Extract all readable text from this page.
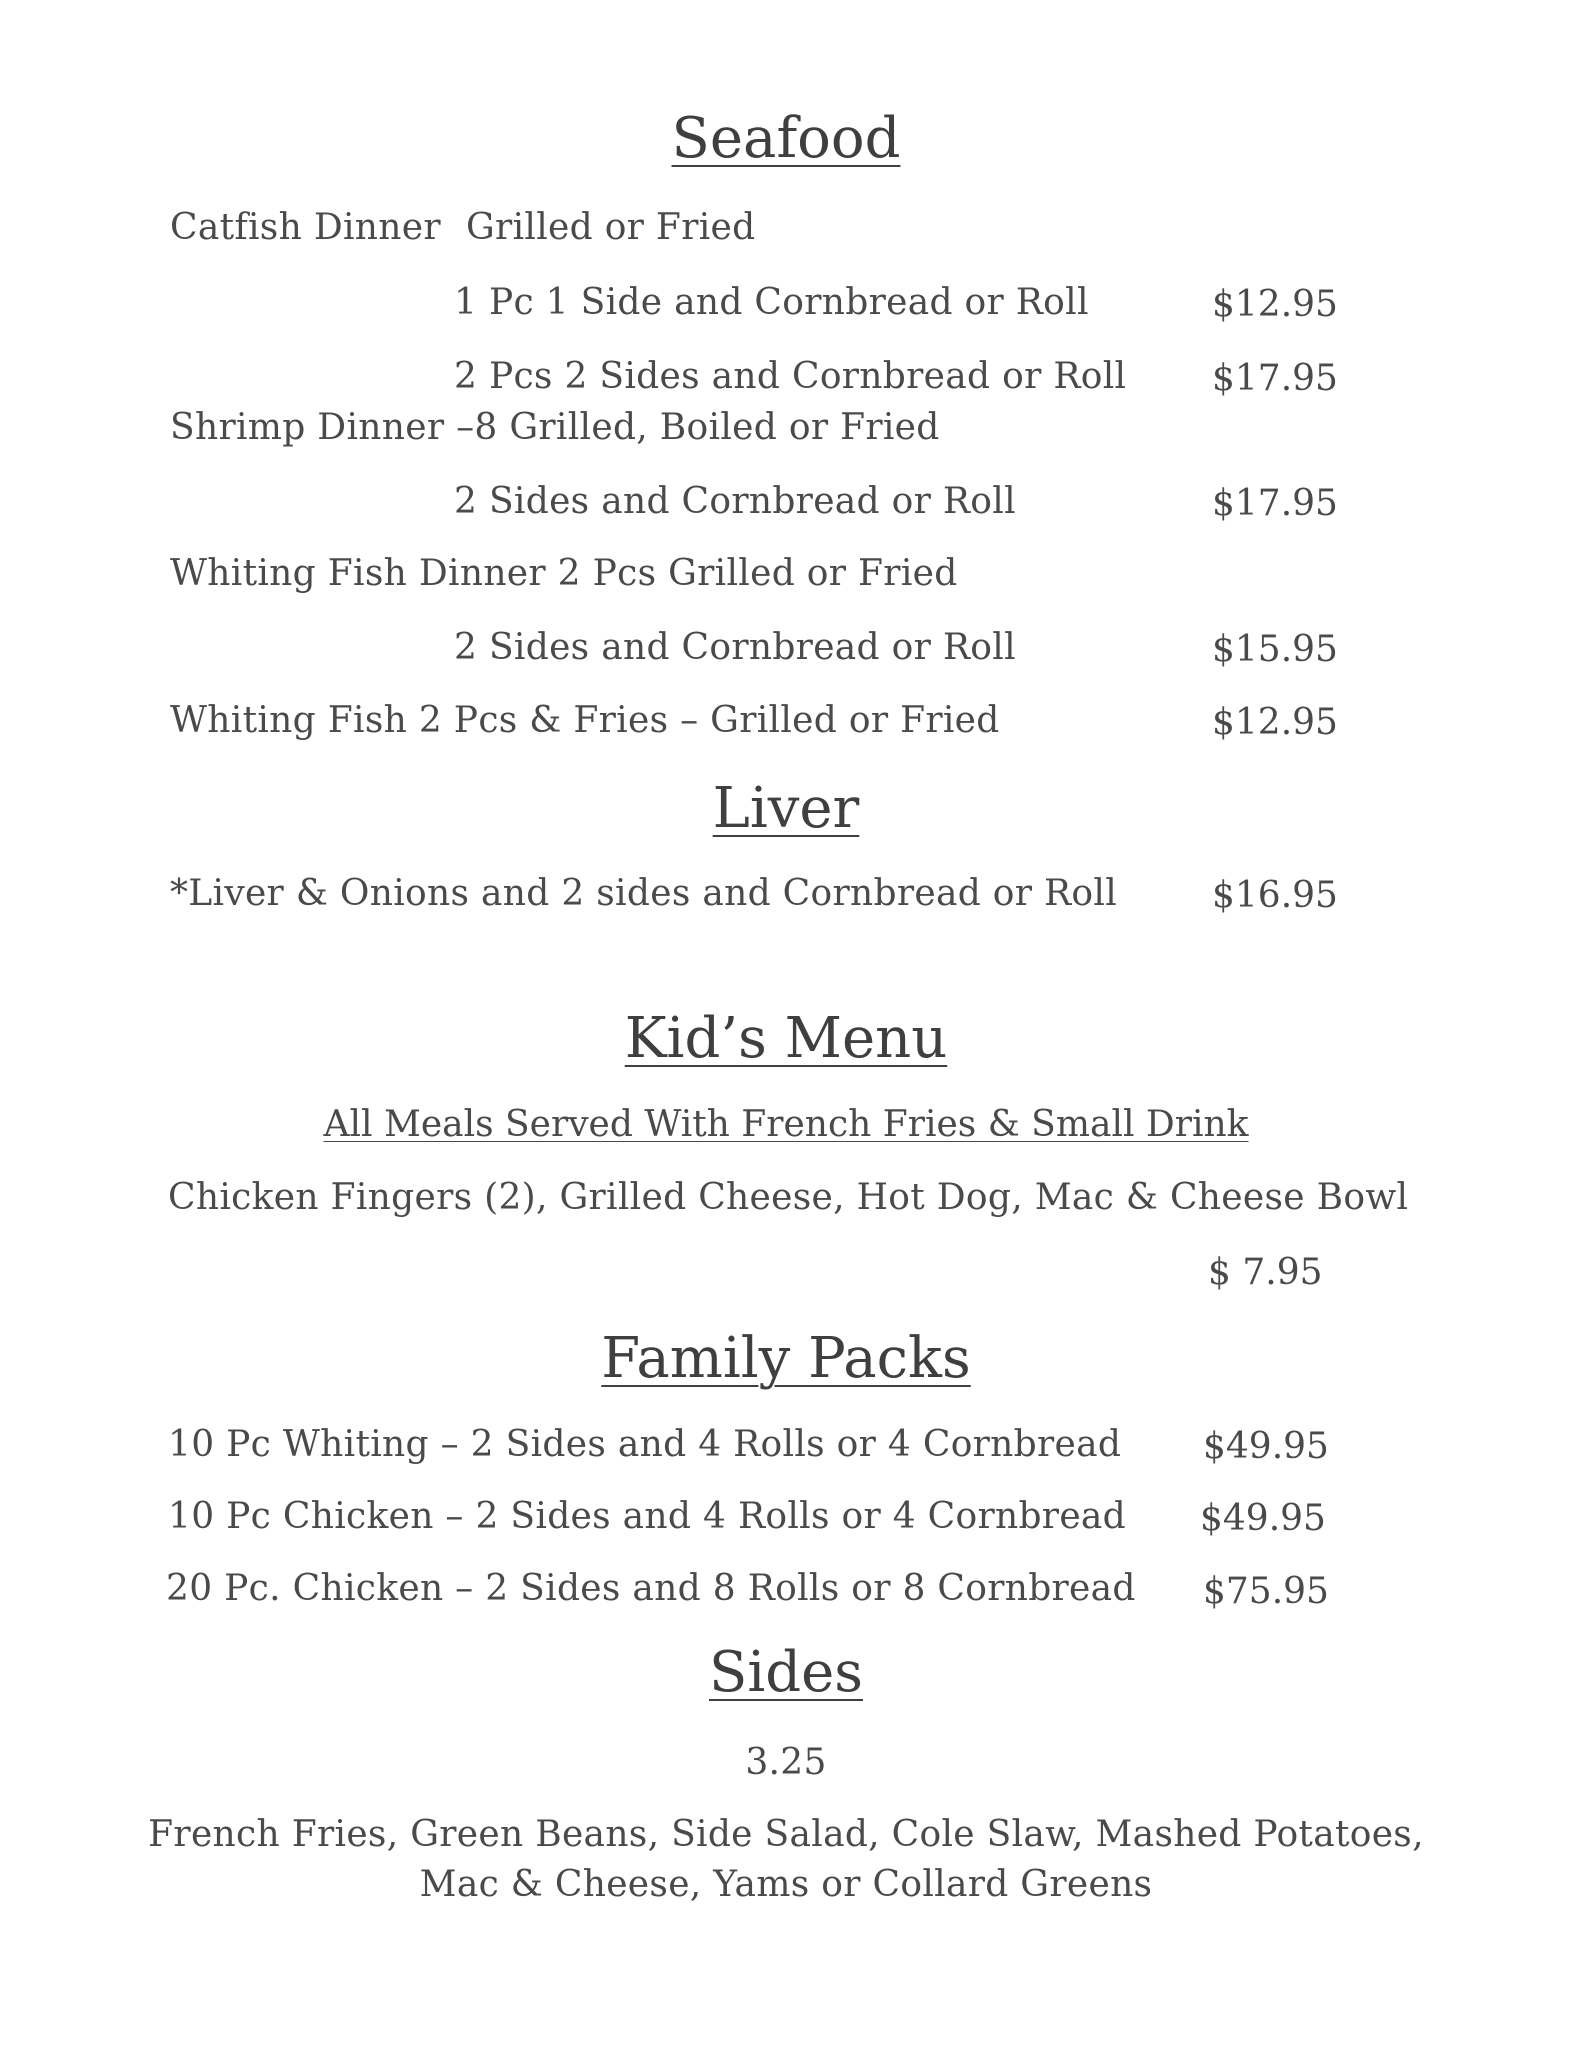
Seafood
Catfish Dinner Grilled or Fried
1 Pc 1 Side and Cornbread or Roll	$12.95
2 Pcs 2 Sides and Cornbread or Roll $17.95
Shrimp Dinner –8 Grilled, Boiled or Fried
2 Sides and Cornbread or Roll	$17.95
Whiting Fish Dinner 2 Pcs Grilled or Fried
2 Sides and Cornbread or Roll	$15.95
Whiting Fish 2 Pcs & Fries – Grilled or Fried	$12.95
Liver
*Liver & Onions and 2 sides and Cornbread or Roll	$16.95
Kid’s Menu
All Meals Served With French Fries & Small Drink
Chicken Fingers (2), Grilled Cheese, Hot Dog, Mac & Cheese Bowl
$ 7.95
Family Packs
10 Pc Whiting – 2 Sides and 4 Rolls or 4 Cornbread $49.95
10 Pc Chicken – 2 Sides and 4 Rolls or 4 Cornbread $49.95
20 Pc. Chicken – 2 Sides and 8 Rolls or 8 Cornbread $75.95
Sides
3.25
French Fries, Green Beans, Side Salad, Cole Slaw, Mashed Potatoes,
Mac & Cheese, Yams or Collard Greens
